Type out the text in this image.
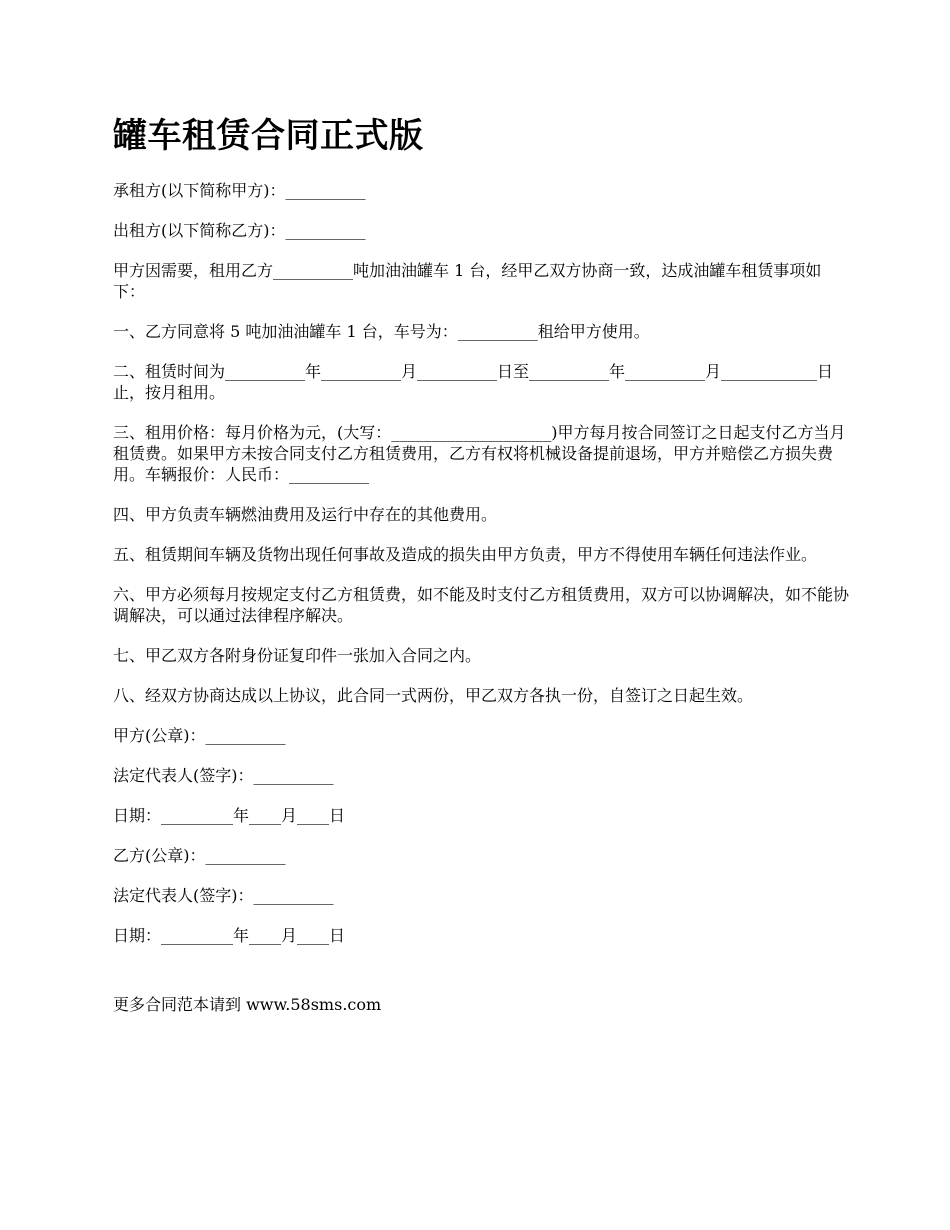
罐车租赁合同正式版

承租方(以下简称甲方)：__________

出租方(以下简称乙方)：__________

甲方因需要，租用乙方__________吨加油油罐车 1 台，经甲乙双方协商一致，达成油罐车租赁事项如下：

一、乙方同意将 5 吨加油油罐车 1 台，车号为：__________租给甲方使用。

二、租赁时间为__________年__________月__________日至__________年__________月____________日止，按月租用。

三、租用价格：每月价格为元，(大写：____________________)甲方每月按合同签订之日起支付乙方当月租赁费。如果甲方未按合同支付乙方租赁费用，乙方有权将机械设备提前退场，甲方并赔偿乙方损失费用。车辆报价：人民币：__________

四、甲方负责车辆燃油费用及运行中存在的其他费用。

五、租赁期间车辆及货物出现任何事故及造成的损失由甲方负责，甲方不得使用车辆任何违法作业。

六、甲方必须每月按规定支付乙方租赁费，如不能及时支付乙方租赁费用，双方可以协调解决，如不能协调解决，可以通过法律程序解决。

七、甲乙双方各附身份证复印件一张加入合同之内。

八、经双方协商达成以上协议，此合同一式两份，甲乙双方各执一份，自签订之日起生效。

甲方(公章)：__________

法定代表人(签字)：__________

日期：_________年____月____日

乙方(公章)：__________

法定代表人(签字)：__________

日期：_________年____月____日

更多合同范本请到 www.58sms.com
